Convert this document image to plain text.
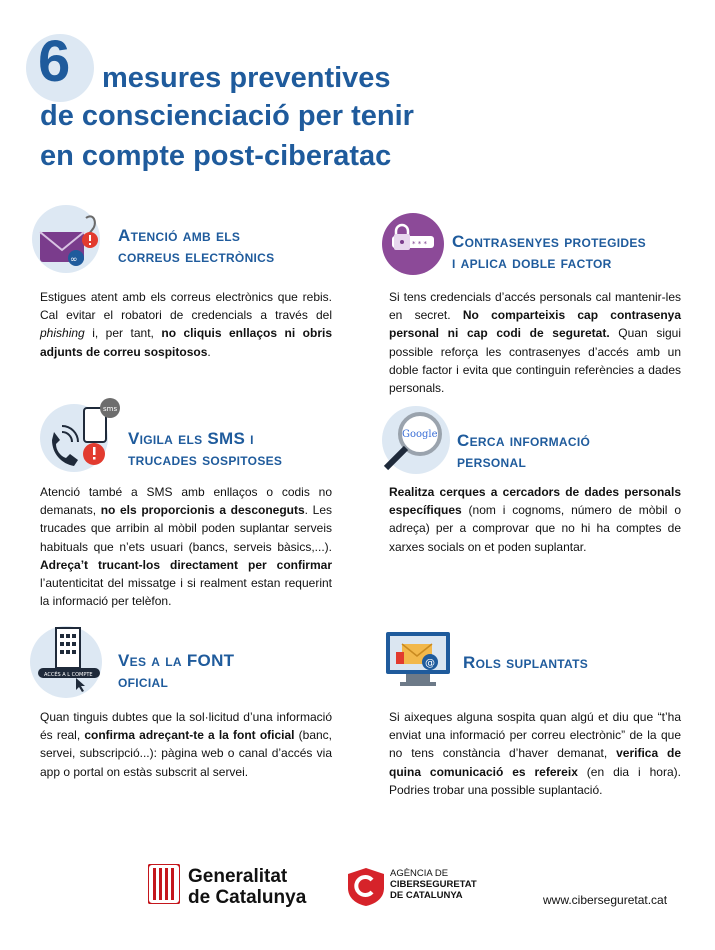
6 mesures preventives
de conscienciació per tenir
en compte post-ciberatac
∞
Atenció amb els
correus electrònics
Estigues atent amb els correus electrònics que rebis. Cal evitar el robatori de credencials a través del phishing i, per tant, no cliquis enllaços ni obris adjunts de correu sospitosos.
* * * Contrasenyes protegides
i aplica doble factor
Si tens credencials d’accés personals cal mantenir-les en secret. No comparteixis cap contrasenya personal ni cap codi de seguretat. Quan sigui possible reforça les contrasenyes d’accés amb un doble factor i evita que continguin referències a dades personals.
sms
Vigila els SMS i
trucades sospitoses
Atenció també a SMS amb enllaços o codis no demanats, no els proporcionis a desconeguts. Les trucades que arribin al mòbil poden suplantar serveis habituals que n’ets usuari (bancs, serveis bàsics,...). Adreça’t trucant-los directament per confirmar l’autenticitat del missatge i si realment estan requerint la informació per telèfon.
Google Cerca informació
personal
Realitza cerques a cercadors de dades personals específiques (nom i cognoms, número de mòbil o adreça) per a comprovar que no hi ha comptes de xarxes socials on et poden suplantar.
ACCÉS A L COMPTE
Ves a la FONT
oficial
Quan tinguis dubtes que la sol·licitud d’una informació és real, confirma adreçant-te a la font oficial (banc, servei, subscripció...): pàgina web o canal d’accés via app o portal on estàs subscrit al servei.
@ Rols suplantats
Si aixeques alguna sospita quan algú et diu que “t’ha enviat una informació per correu electrònic” de la que no tens constància d’haver demanat, verifica de quina comunicació es refereix (en dia i hora). Podries trobar una possible suplantació.
Generalitat
de Catalunya
AGÈNCIA DE
CIBERSEGURETAT
DE CATALUNYA	www.ciberseguretat.cat
